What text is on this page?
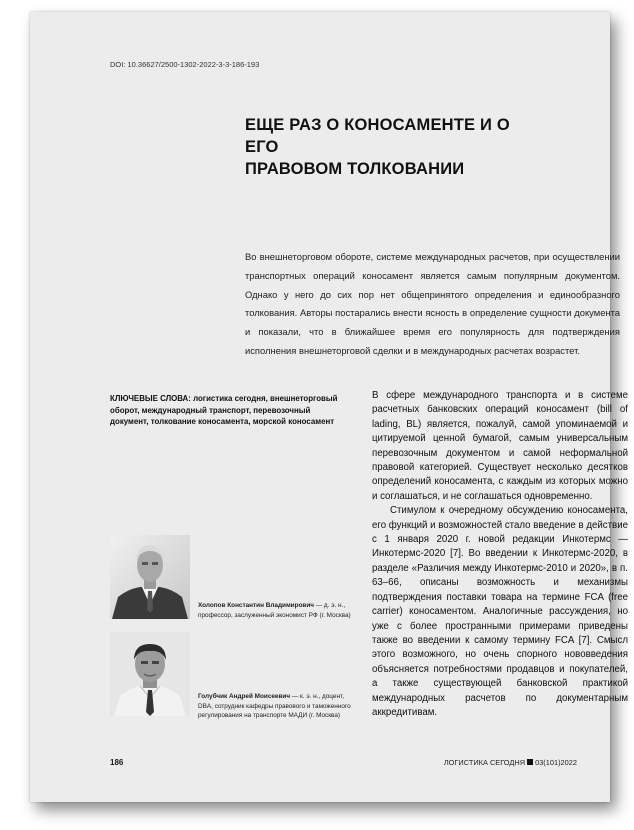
DOI: 10.36627/2500-1302-2022-3-3-186-193
ЕЩЕ РАЗ О КОНОСАМЕНТЕ И О ЕГО
ПРАВОВОМ ТОЛКОВАНИИ
Во внешнеторговом обороте, системе международных расчетов, при осуществлении транспортных операций коносамент является самым популярным документом. Однако у него до сих пор нет общепринятого определения и единообразного толкования. Авторы постарались внести ясность в определение сущности документа и показали, что в ближайшее время его популярность для подтверждения исполнения внешнеторговой сделки и в международных расчетах возрастет.
КЛЮЧЕВЫЕ СЛОВА: логистика сегодня, внешнеторговый оборот, международный транспорт, перевозочный документ, толкование коносамента, морской коносамент

В сфере международного транспорта и в системе расчетных банковских операций коносамент (bill of lading, BL) является, пожалуй, самой упоминаемой и цитируемой ценной бумагой, самым универсальным перевозочным документом и самой неформальной правовой категорией. Существует несколько десятков определений коносамента, с каждым из которых можно и соглашаться, и не соглашаться одновременно.

Стимулом к очередному обсуждению коносамента, его функций и возможностей стало введение в действие с 1 января 2020 г. новой редакции Инкотермс — Инкотермс-2020 [7]. Во введении к Инкотермс-2020, в разделе «Различия между Инкотермс-2010 и 2020», в п. 63–66, описаны возможность и механизмы подтверждения поставки товара на термине FCA (free carrier) коносаментом. Аналогичные рассуждения, но уже с более пространными примерами приведены также во введении к самому термину FCA [7]. Смысл этого возможного, но очень спорного нововведения объясняется потребностями продавцов и покупателей, а также существующей банковской практикой международных расчетов по документарным аккредитивам.

Холопов Константин Владимирович — д. э. н., профессор, заслуженный экономист РФ (г. Москва)
Голубчик Андрей Моисеевич — к. э. н., доцент, DBA, сотрудник кафедры правового и таможенного регулирования на транспорте МАДИ (г. Москва)
186	ЛОГИСТИКА СЕГОДНЯ 03(101)2022
